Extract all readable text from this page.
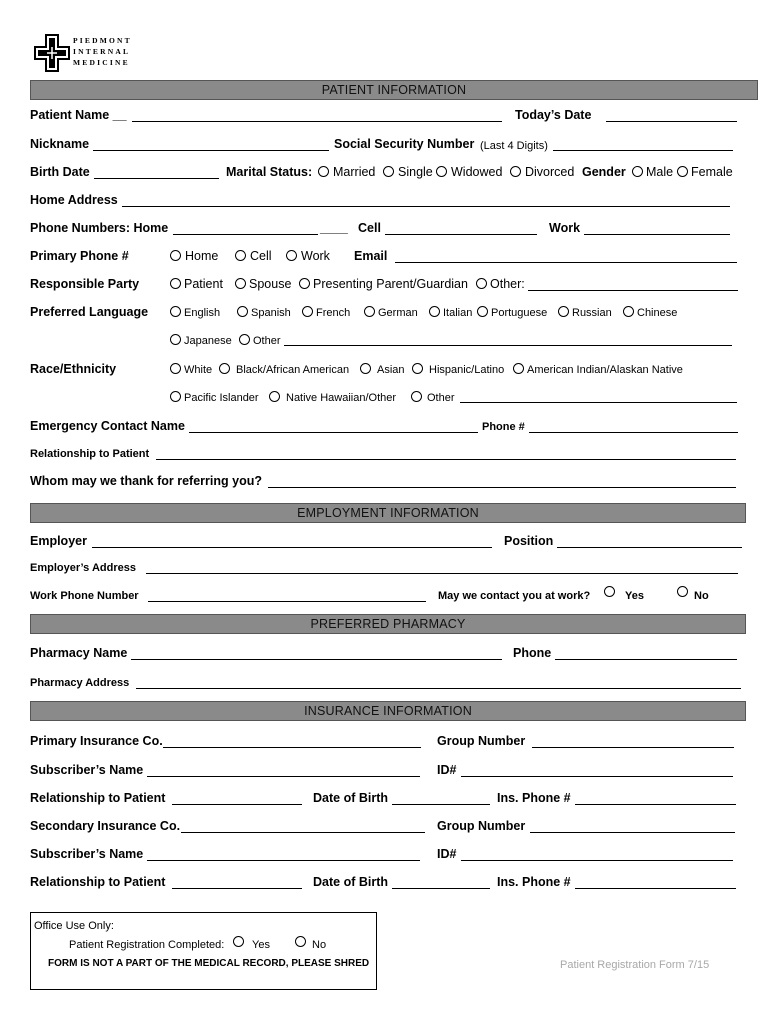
PIEDMONT
INTERNAL
MEDICINE
PATIENT INFORMATION
Patient Name __	Today’s Date
Nickname	Social Security Number (Last 4 Digits)
Birth Date	Marital Status: Married Single Widowed Divorced Gender Male Female
Home Address
Phone Numbers: Home	____ Cell	Work
Primary Phone #	Home	Cell Work Email
Responsible Party	Patient Spouse Presenting Parent/Guardian Other:
Preferred Language	English	Spanish French	German Italian Portuguese Russian Chinese
Japanese Other
Race/Ethnicity	White Black/African American	Asian Hispanic/Latino American Indian/Alaskan Native
Pacific Islander Native Hawaiian/Other	Other
Emergency Contact Name	Phone #
Relationship to Patient
Whom may we thank for referring you?
EMPLOYMENT INFORMATION
Employer	Position
Employer’s Address
Work Phone Number	May we contact you at work?	Yes	No
PREFERRED PHARMACY
Pharmacy Name	Phone
Pharmacy Address
INSURANCE INFORMATION
Primary Insurance Co.	Group Number
Subscriber’s Name	ID#
Relationship to Patient	Date of Birth	Ins. Phone #
Secondary Insurance Co.	Group Number
Subscriber’s Name	ID#
Relationship to Patient	Date of Birth	Ins. Phone #
Office Use Only:
Patient Registration Completed:	Yes	No
FORM IS NOT A PART OF THE MEDICAL RECORD, PLEASE SHRED	Patient Registration Form 7/15
